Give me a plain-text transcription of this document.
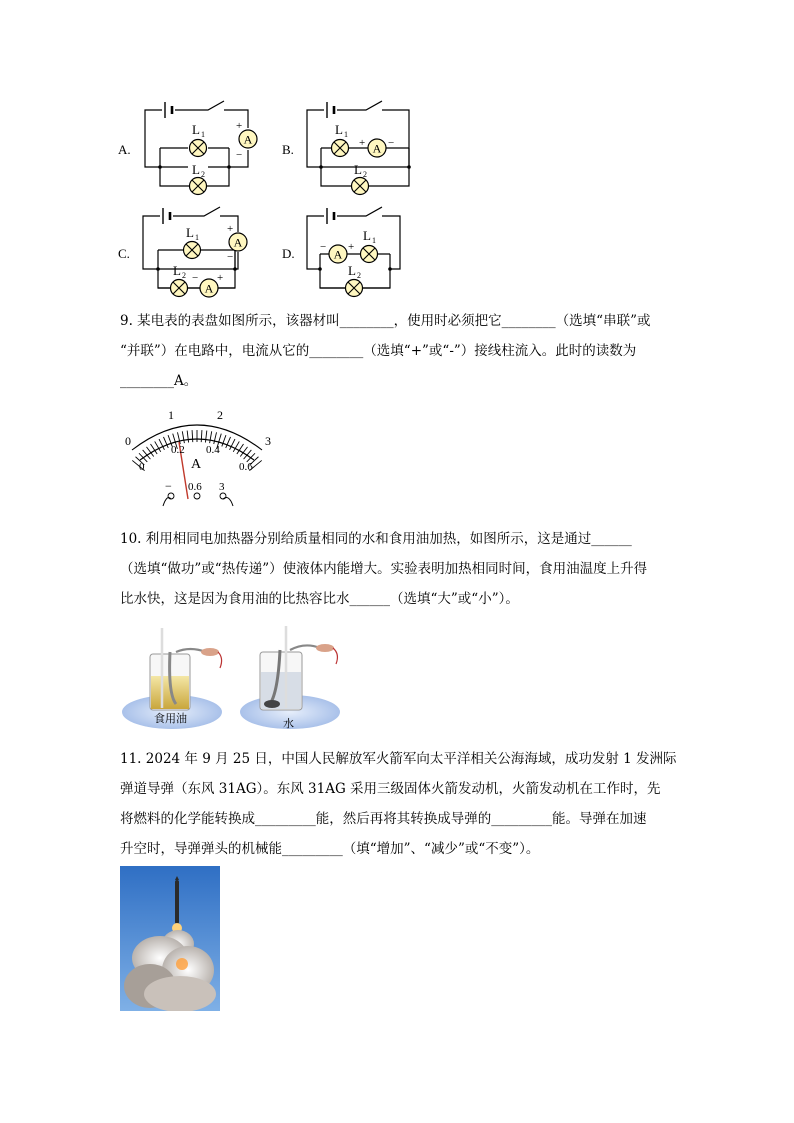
A.
A
+
−
L 1
L 2
B.	A
+ −
L 1
L 2
C.
A
+
−
A
− +
L 1
L 2
D.	A
− +
L 1
L 2
9. 某电表的表盘如图所示，该器材叫________，使用时必须把它________（选填“串联”或
“并联”）在电路中，电流从它的________（选填“+”或“-”）接线柱流入。此时的读数为
________A。
0
1	2
3
0
0.2 0.4
0.6
A
− 0.6 3
10. 利用相同电加热器分别给质量相同的水和食用油加热，如图所示，这是通过______
（选填“做功”或“热传递”）使液体内能增大。实验表明加热相同时间，食用油温度上升得
比水快，这是因为食用油的比热容比水______（选填“大”或“小”）。
食用油	水
11. 2024 年 9 月 25 日，中国人民解放军火箭军向太平洋相关公海海域，成功发射 1 发洲际
弹道导弹（东风 31AG）。东风 31AG 采用三级固体火箭发动机，火箭发动机在工作时，先
将燃料的化学能转换成_________能，然后再将其转换成导弹的_________能。导弹在加速
升空时，导弹弹头的机械能_________（填“增加”、“减少”或“不变”）。
